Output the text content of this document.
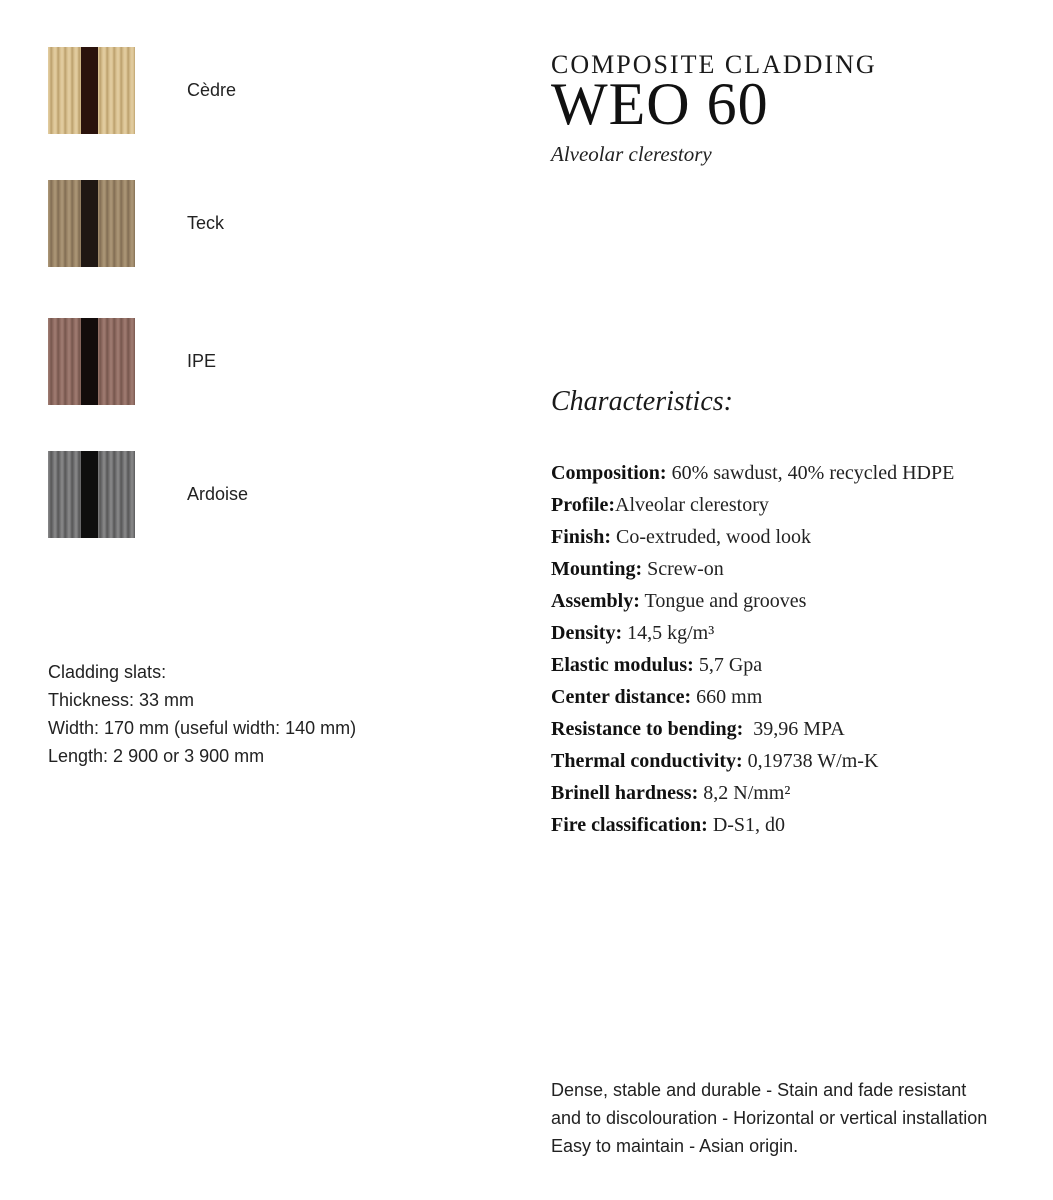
Cèdre
Teck
IPE
Ardoise
Cladding slats:
Thickness: 33 mm
Width: 170 mm (useful width: 140 mm)
Length: 2 900 or 3 900 mm
COMPOSITE CLADDING
WEO 60
Alveolar clerestory
Characteristics:
Composition: 60% sawdust, 40% recycled HDPE
Profile:Alveolar clerestory
Finish: Co-extruded, wood look
Mounting: Screw-on
Assembly: Tongue and grooves
Density: 14,5 kg/m³
Elastic modulus: 5,7 Gpa
Center distance: 660 mm
Resistance to bending:  39,96 MPA
Thermal conductivity: 0,19738 W/m-K
Brinell hardness: 8,2 N/mm²
Fire classification: D-S1, d0
Dense, stable and durable - Stain and fade resistant
and to discolouration - Horizontal or vertical installation
Easy to maintain - Asian origin.
